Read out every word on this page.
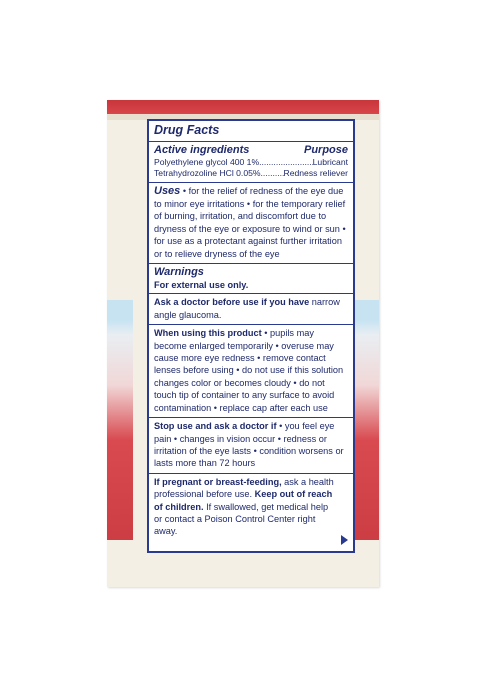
Drug Facts
Active ingredients	Purpose
Polyethylene glycol 400 1% .....	Lubricant
Tetrahydrozoline HCl 0.05% .....	Redness reliever
Uses • for the relief of redness of the eye due to minor eye irritations • for the temporary relief of burning, irritation, and discomfort due to dryness of the eye or exposure to wind or sun • for use as a protectant against further irritation or to relieve dryness of the eye
Warnings
For external use only.
Ask a doctor before use if you have narrow angle glaucoma.
When using this product • pupils may become enlarged temporarily • overuse may cause more eye redness • remove contact lenses before using • do not use if this solution changes color or becomes cloudy • do not touch tip of container to any surface to avoid contamination • replace cap after each use
Stop use and ask a doctor if • you feel eye pain • changes in vision occur • redness or irritation of the eye lasts • condition worsens or lasts more than 72 hours
If pregnant or breast-feeding, ask a health professional before use. Keep out of reach of children. If swallowed, get medical help or contact a Poison Control Center right away.
